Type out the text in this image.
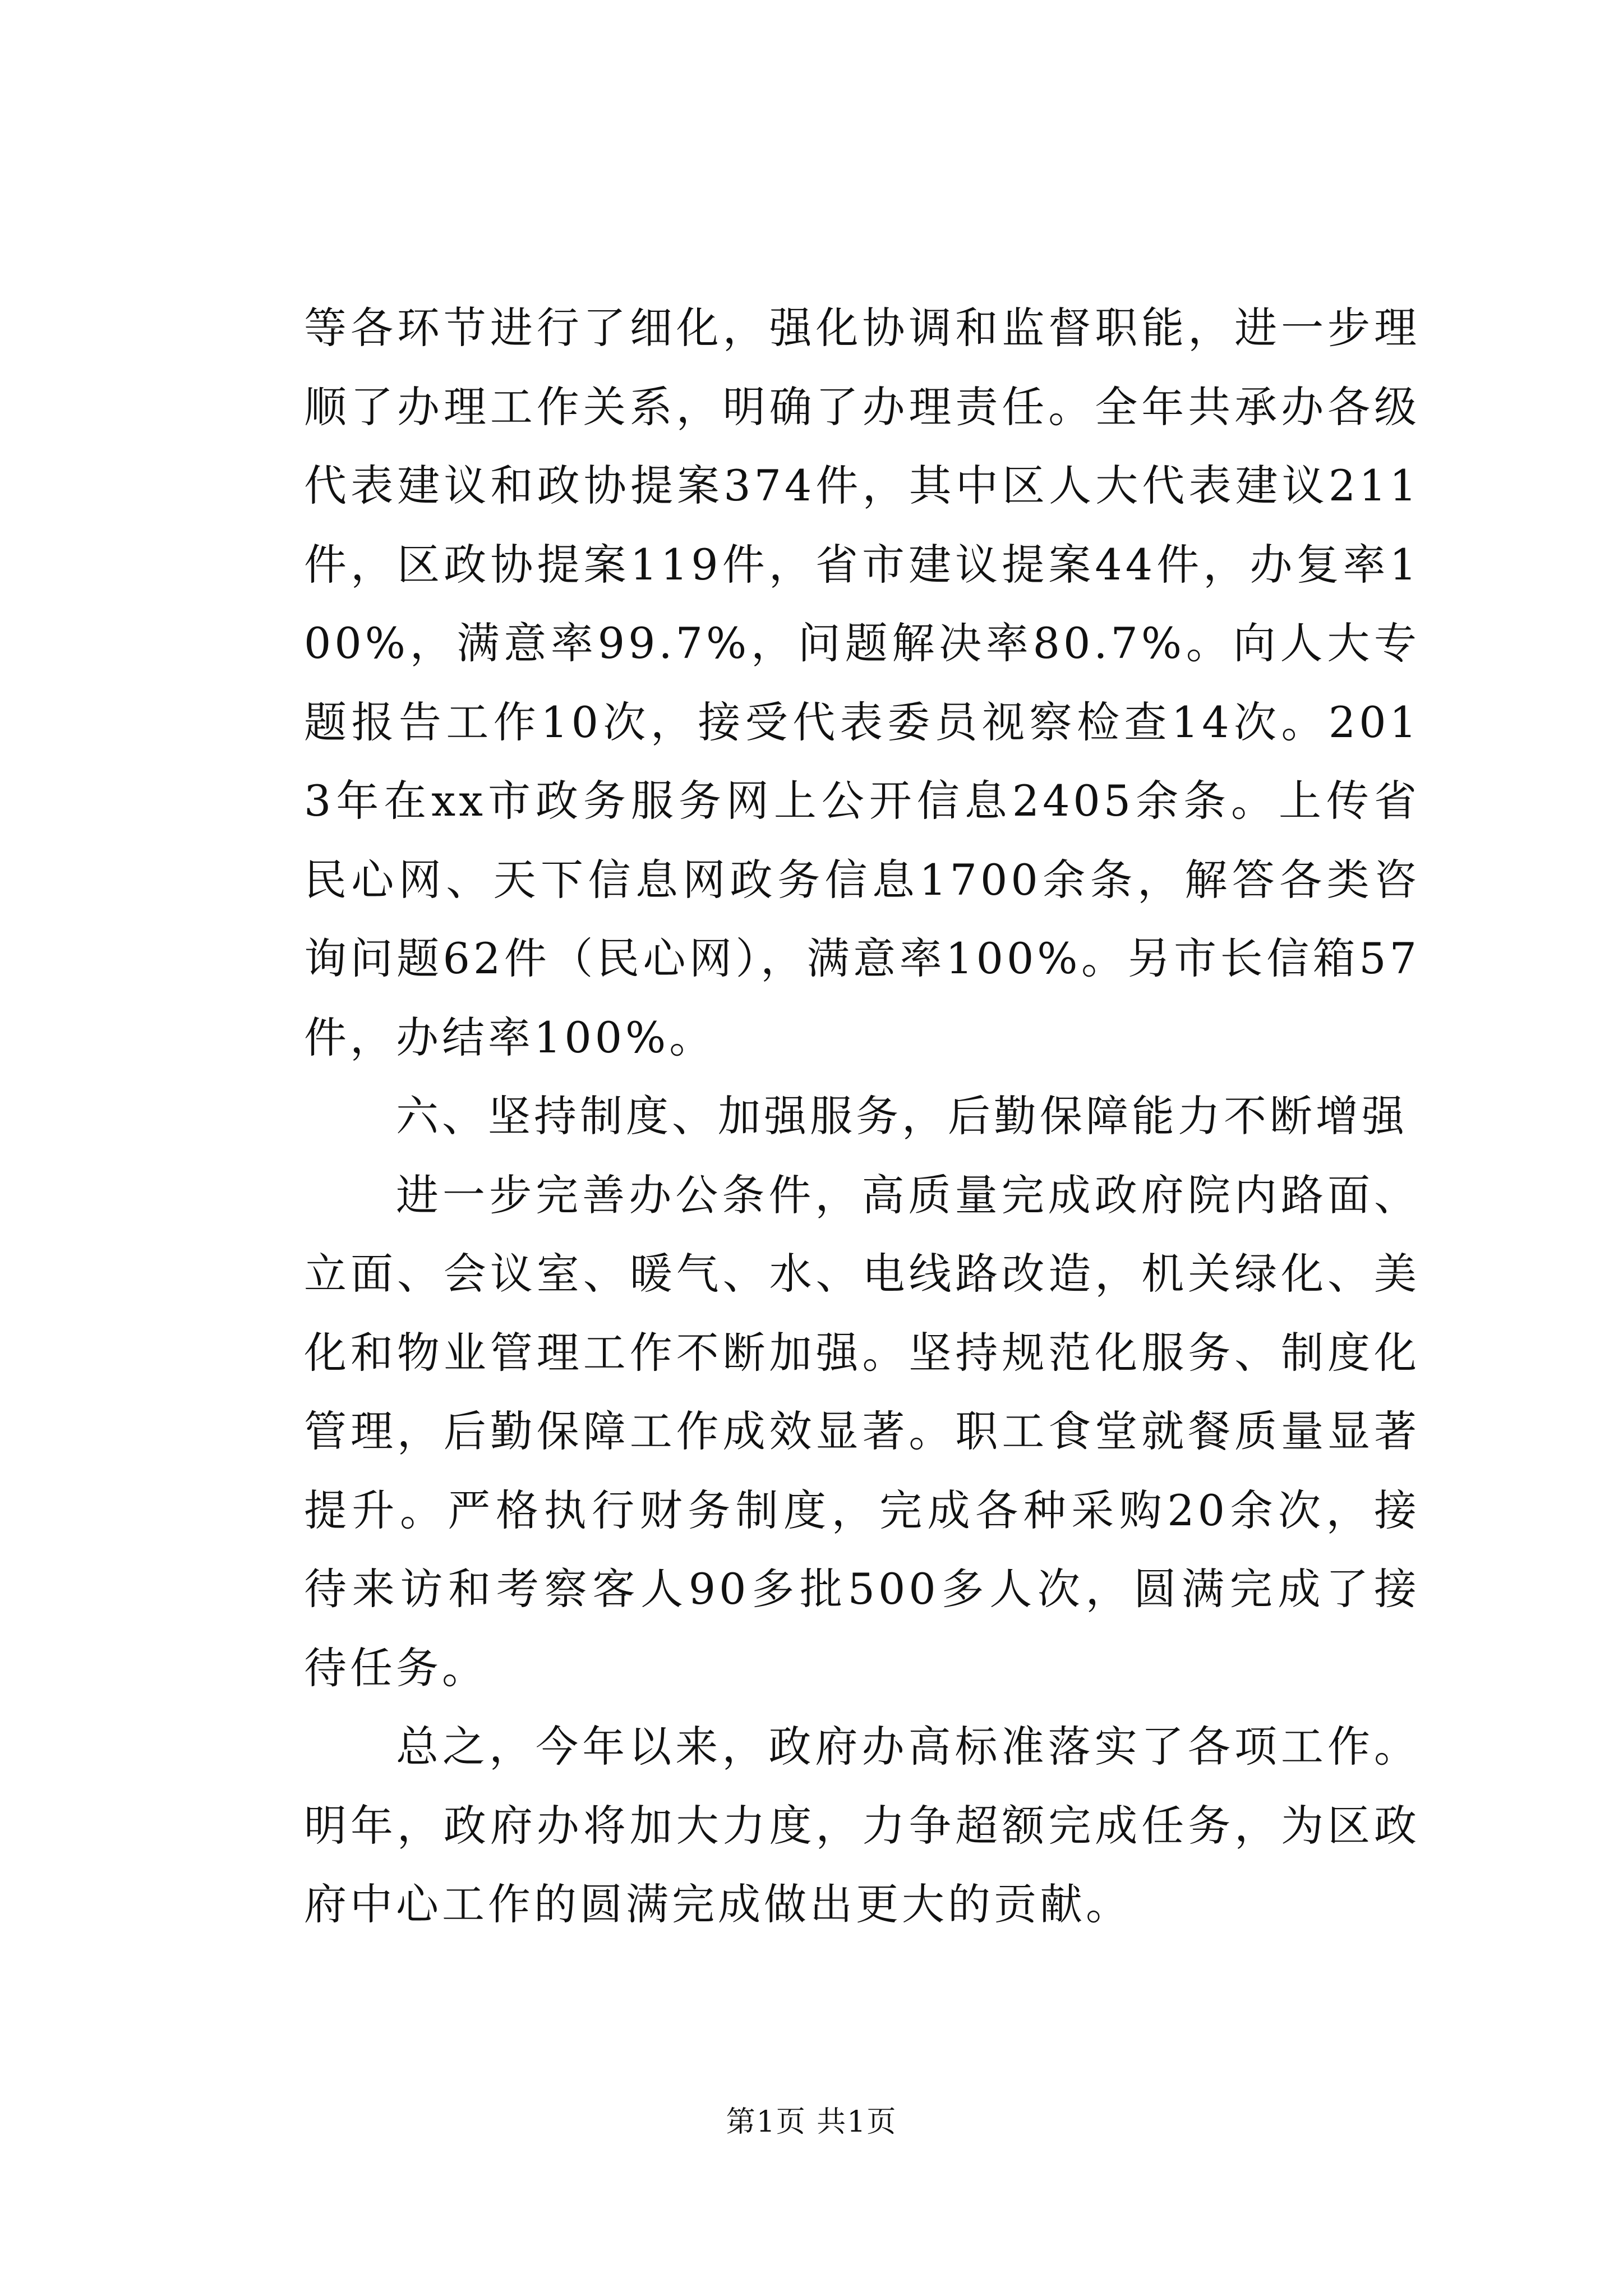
等各环节进行了细化，强化协调和监督职能，进一步理顺了办理工作关系，明确了办理责任。全年共承办各级代表建议和政协提案374件，其中区人大代表建议211件，区政协提案119件，省市建议提案44件，办复率100%，满意率99.7%，问题解决率80.7%。向人大专题报告工作10次，接受代表委员视察检查14次。2013年在xx市政务服务网上公开信息2405余条。上传省民心网、天下信息网政务信息1700余条，解答各类咨询问题62件（民心网），满意率100%。另市长信箱57件，办结率100%。

六、坚持制度、加强服务，后勤保障能力不断增强

进一步完善办公条件，高质量完成政府院内路面、立面、会议室、暖气、水、电线路改造，机关绿化、美化和物业管理工作不断加强。坚持规范化服务、制度化管理，后勤保障工作成效显著。职工食堂就餐质量显著提升。严格执行财务制度，完成各种采购20余次，接待来访和考察客人90多批500多人次，圆满完成了接待任务。

总之，今年以来，政府办高标准落实了各项工作。明年，政府办将加大力度，力争超额完成任务，为区政府中心工作的圆满完成做出更大的贡献。

第1页 共1页
